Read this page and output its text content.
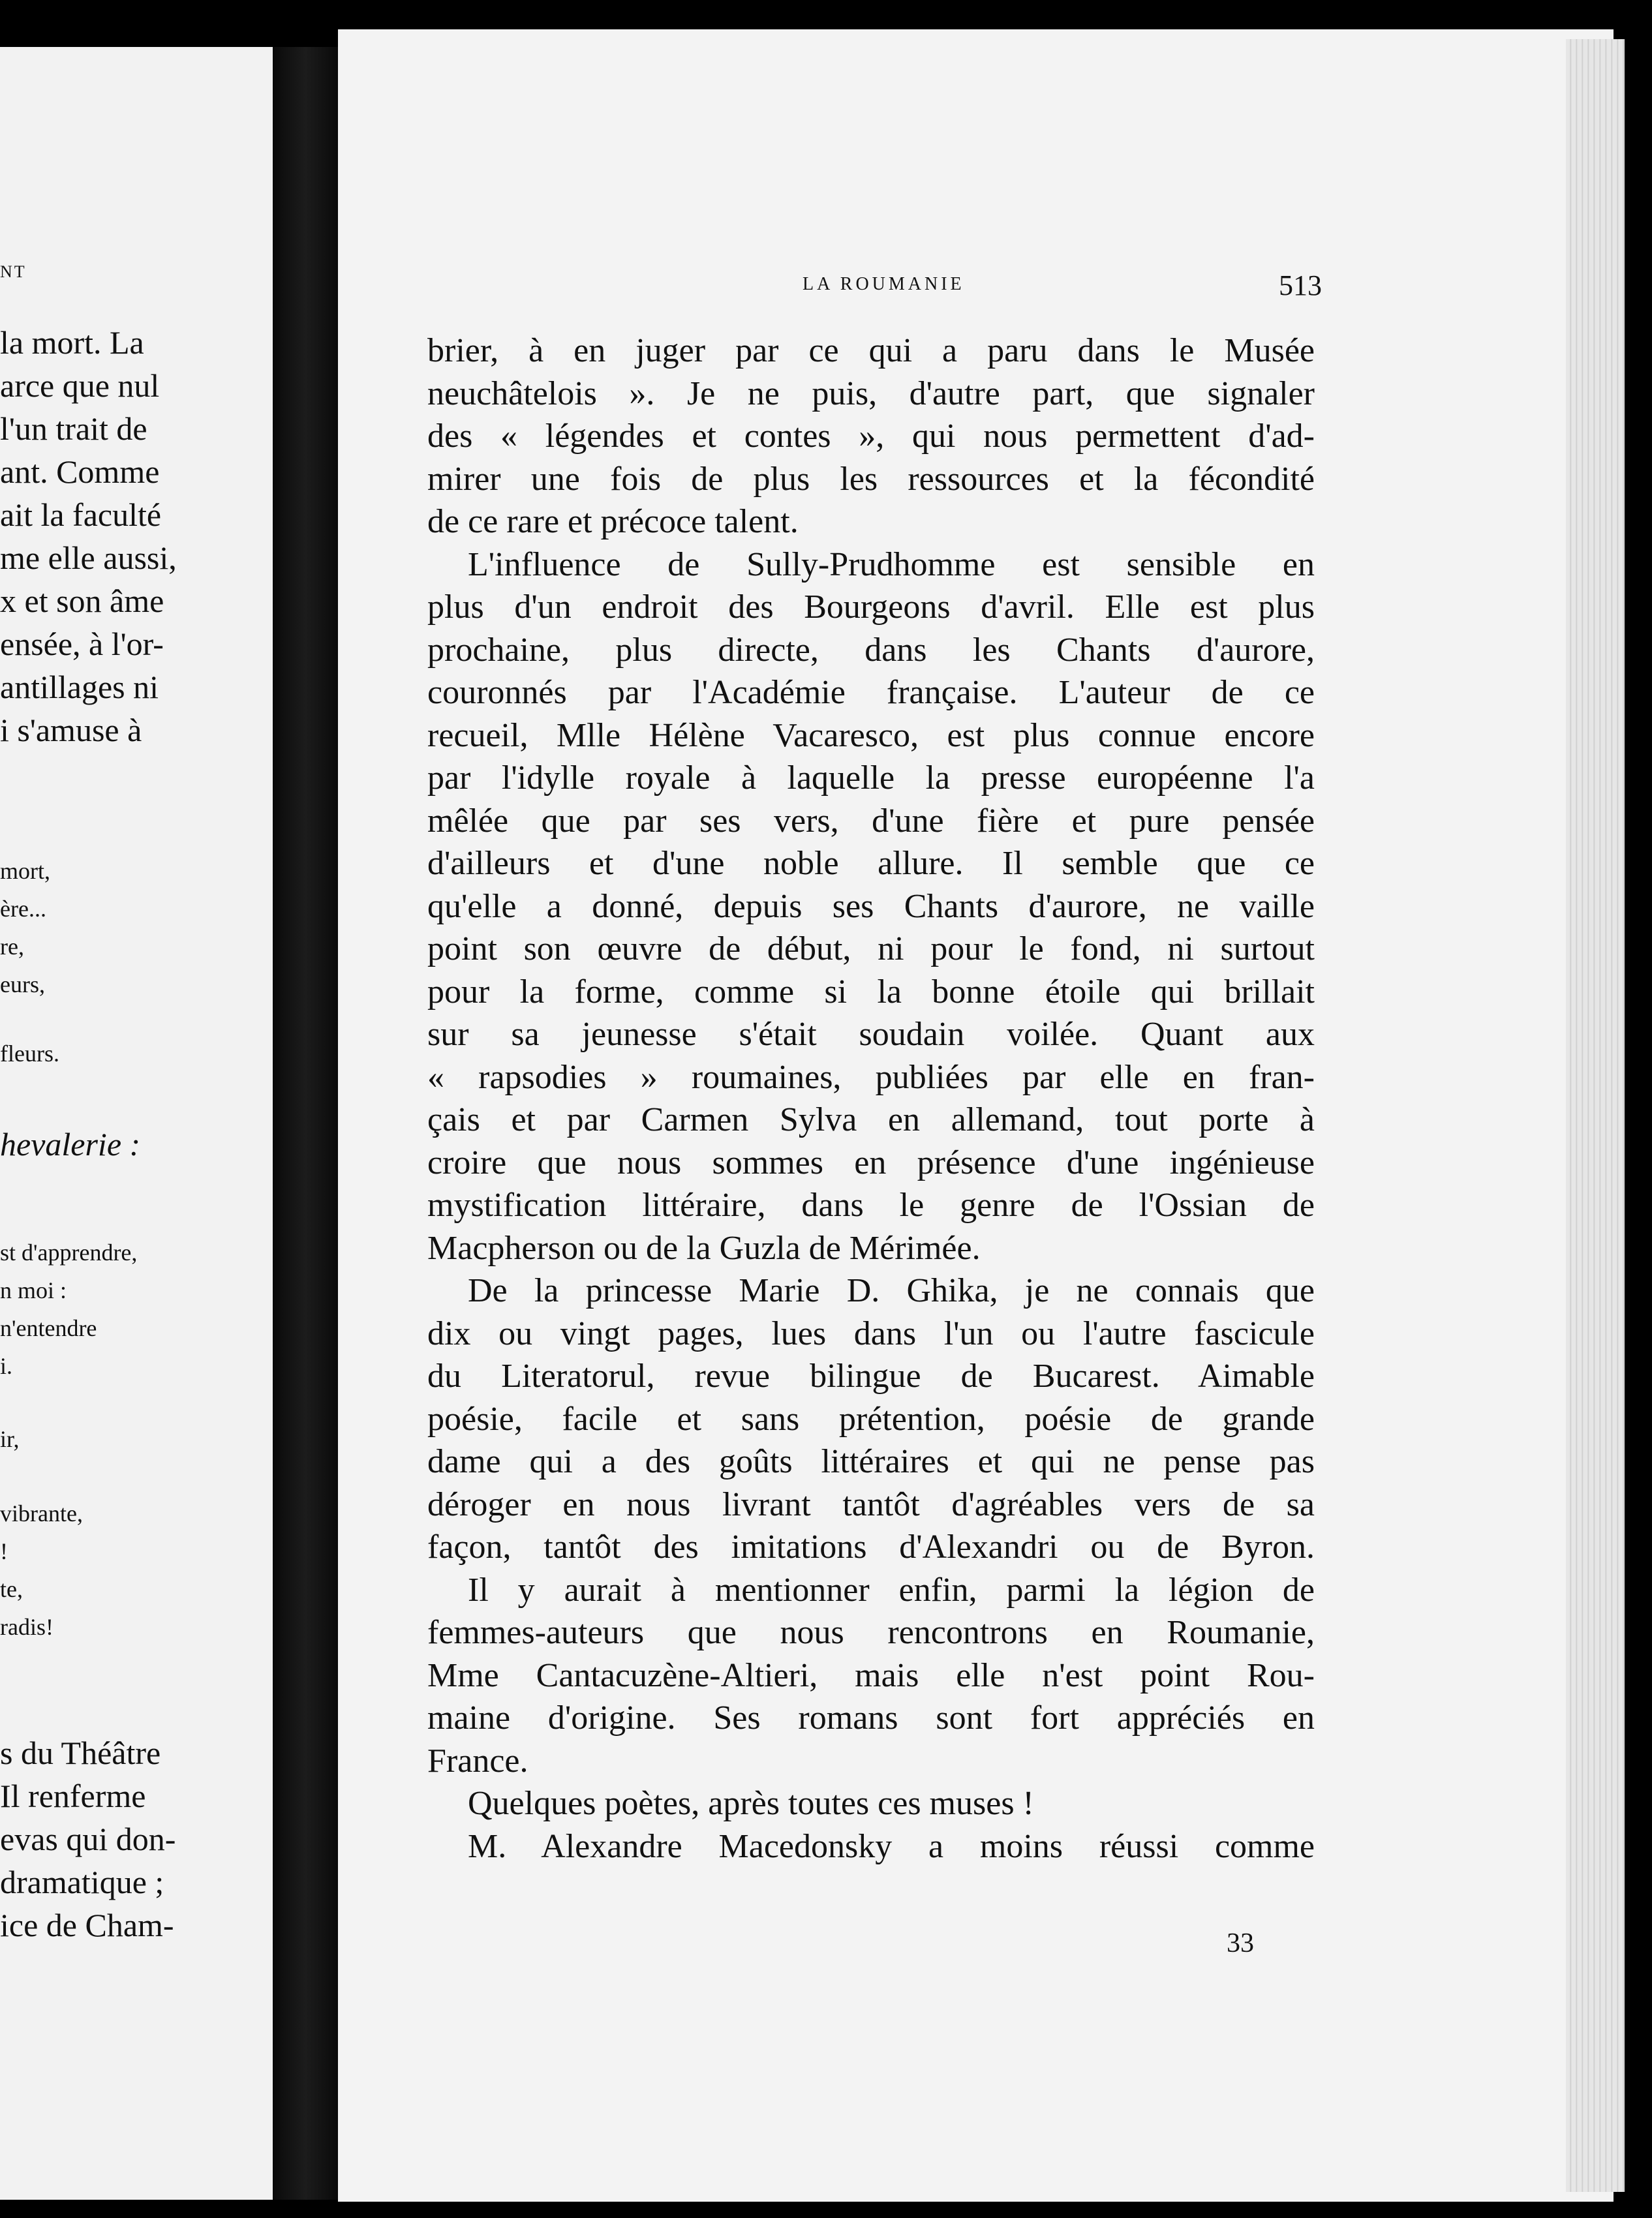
NT
la mort. La
arce que nul
l'un trait de
ant. Comme
ait la faculté
me elle aussi,
x et son âme
ensée, à l'or-
antillages ni
i s'amuse à
mort,
ère...
re,
eurs,
fleurs.
hevalerie :
st d'apprendre,
n moi :
n'entendre
i.
ir,
vibrante,
!
te,
radis!
s du Théâtre
Il renferme
evas qui don-
dramatique ;
ice de Cham-
LA ROUMANIE	513
brier, à en juger par ce qui a paru dans le Musée
neuchâtelois ». Je ne puis, d'autre part, que signaler
des « légendes et contes », qui nous permettent d'ad-
mirer une fois de plus les ressources et la fécondité
de ce rare et précoce talent.
L'influence de Sully-Prudhomme est sensible en
plus d'un endroit des Bourgeons d'avril. Elle est plus
prochaine, plus directe, dans les Chants d'aurore,
couronnés par l'Académie française. L'auteur de ce
recueil, Mlle Hélène Vacaresco, est plus connue encore
par l'idylle royale à laquelle la presse européenne l'a
mêlée que par ses vers, d'une fière et pure pensée
d'ailleurs et d'une noble allure. Il semble que ce
qu'elle a donné, depuis ses Chants d'aurore, ne vaille
point son œuvre de début, ni pour le fond, ni surtout
pour la forme, comme si la bonne étoile qui brillait
sur sa jeunesse s'était soudain voilée. Quant aux
« rapsodies » roumaines, publiées par elle en fran-
çais et par Carmen Sylva en allemand, tout porte à
croire que nous sommes en présence d'une ingénieuse
mystification littéraire, dans le genre de l'Ossian de
Macpherson ou de la Guzla de Mérimée.
De la princesse Marie D. Ghika, je ne connais que
dix ou vingt pages, lues dans l'un ou l'autre fascicule
du Literatorul, revue bilingue de Bucarest. Aimable
poésie, facile et sans prétention, poésie de grande
dame qui a des goûts littéraires et qui ne pense pas
déroger en nous livrant tantôt d'agréables vers de sa
façon, tantôt des imitations d'Alexandri ou de Byron.
Il y aurait à mentionner enfin, parmi la légion de
femmes-auteurs que nous rencontrons en Roumanie,
Mme Cantacuzène-Altieri, mais elle n'est point Rou-
maine d'origine. Ses romans sont fort appréciés en
France.
Quelques poètes, après toutes ces muses !
M. Alexandre Macedonsky a moins réussi comme
33
